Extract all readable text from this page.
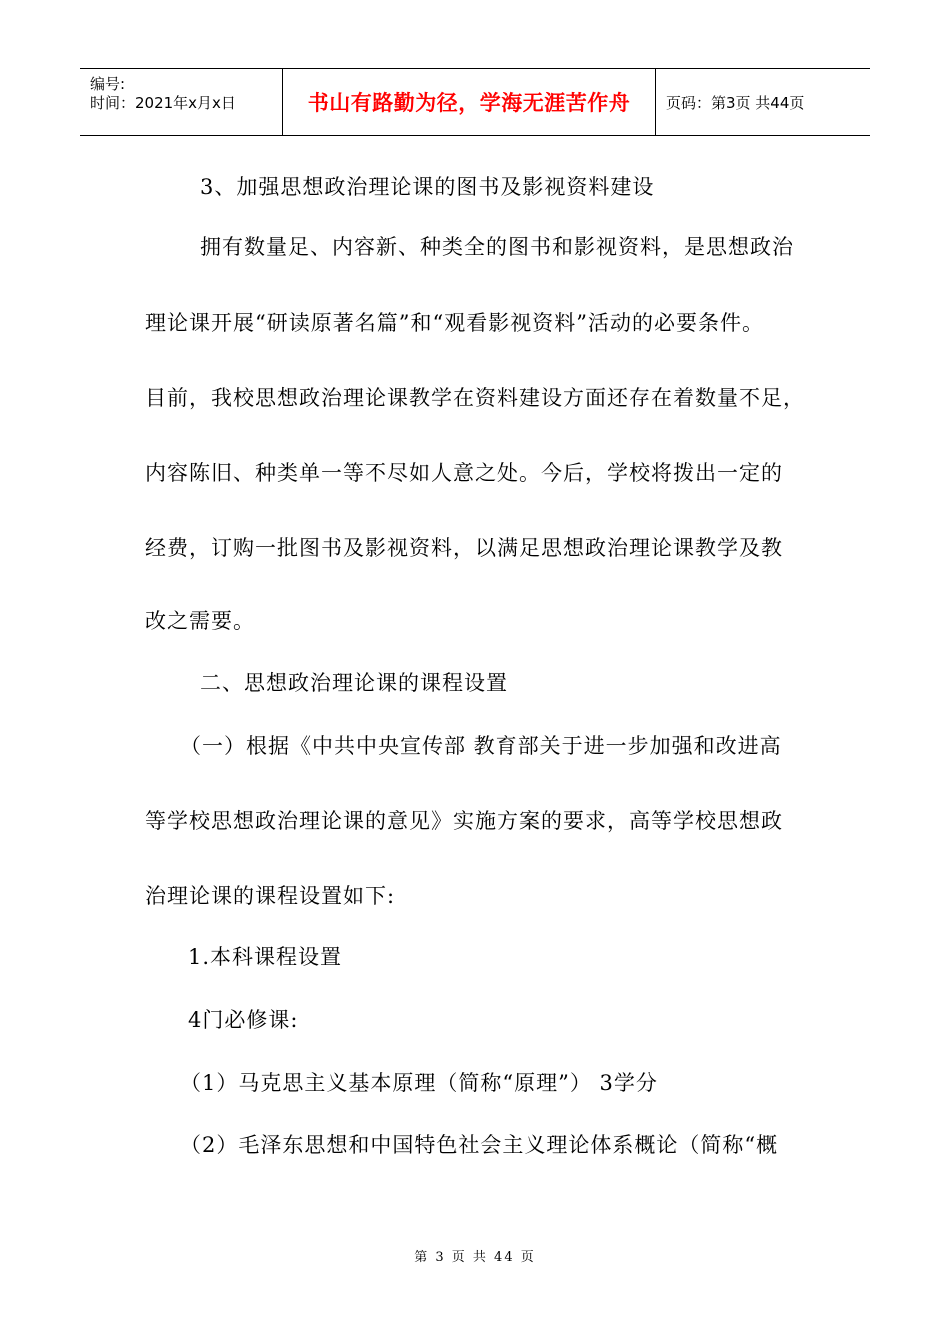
编号:
时间：2021年x月x日	书山有路勤为径，学海无涯苦作舟	页码：第3页 共44页
3、加强思想政治理论课的图书及影视资料建设
拥有数量足、内容新、种类全的图书和影视资料，是思想政治
理论课开展“研读原著名篇”和“观看影视资料”活动的必要条件。
目前，我校思想政治理论课教学在资料建设方面还存在着数量不足，
内容陈旧、种类单一等不尽如人意之处。今后，学校将拨出一定的
经费，订购一批图书及影视资料，以满足思想政治理论课教学及教
改之需要。
二、思想政治理论课的课程设置
（一）根据《中共中央宣传部 教育部关于进一步加强和改进高
等学校思想政治理论课的意见》实施方案的要求，高等学校思想政
治理论课的课程设置如下:
1.本科课程设置
4门必修课:
（1）马克思主义基本原理（简称“原理”） 3学分
（2）毛泽东思想和中国特色社会主义理论体系概论（简称“概
第 3 页 共 44 页
